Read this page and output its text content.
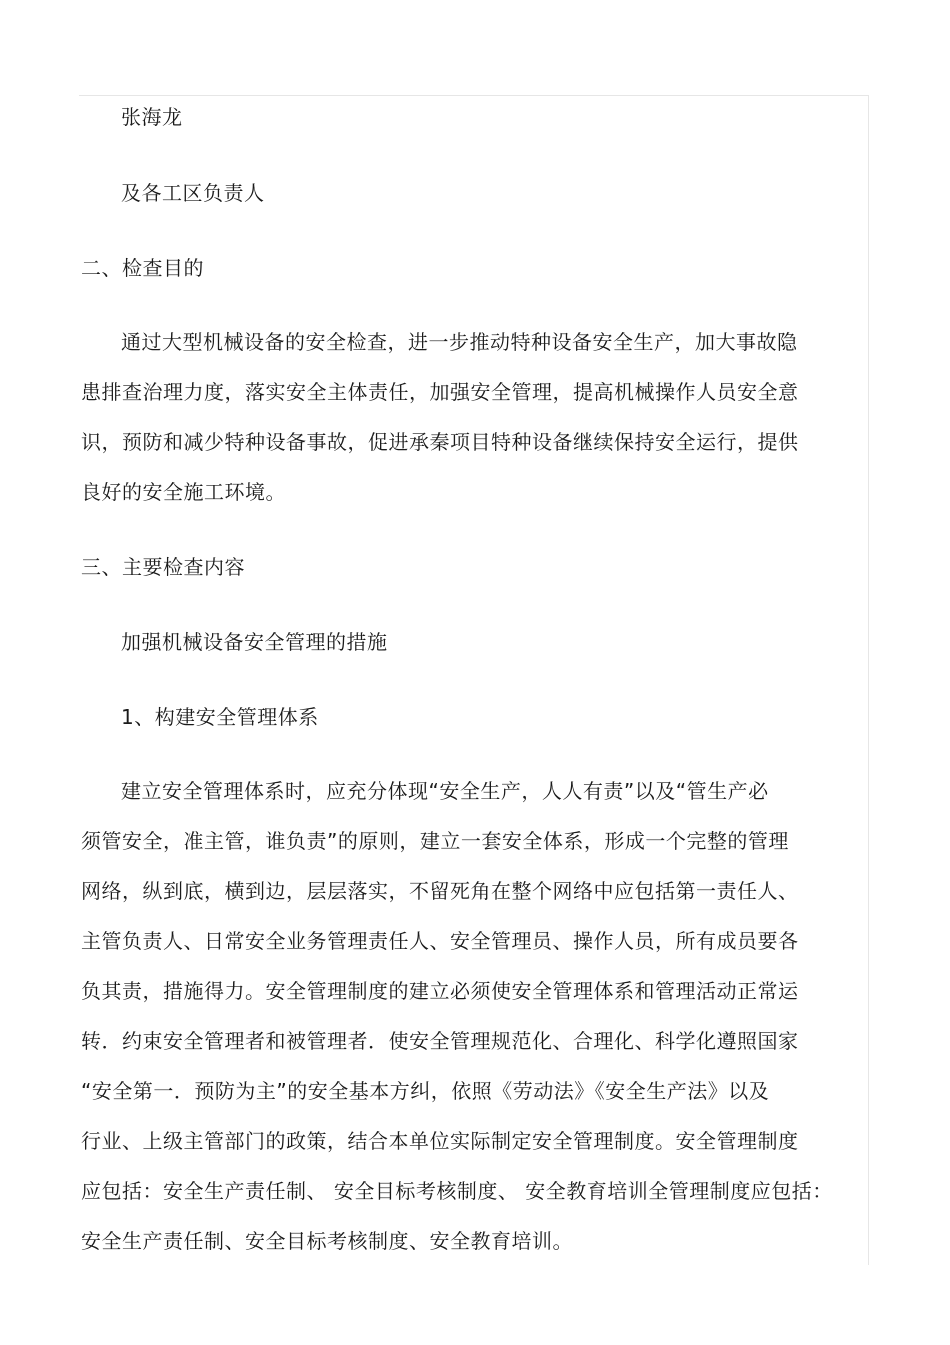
张海龙
及各工区负责人
二、检查目的
通过大型机械设备的安全检查，进一步推动特种设备安全生产，加大事故隐
患排查治理力度，落实安全主体责任，加强安全管理，提高机械操作人员安全意
识，预防和减少特种设备事故，促进承秦项目特种设备继续保持安全运行，提供
良好的安全施工环境。
三、主要检查内容
加强机械设备安全管理的措施
1、构建安全管理体系
建立安全管理体系时，应充分体现“安全生产，人人有责”以及“管生产必
须管安全，准主管，谁负责”的原则，建立一套安全体系，形成一个完整的管理
网络，纵到底，横到边，层层落实，不留死角在整个网络中应包括第一责任人、
主管负责人、日常安全业务管理责任人、安全管理员、操作人员，所有成员要各
负其责，措施得力。安全管理制度的建立必须使安全管理体系和管理活动正常运
转．约束安全管理者和被管理者．使安全管理规范化、合理化、科学化遵照国家
“安全第一．预防为主”的安全基本方纠，依照《劳动法》《安全生产法》以及
行业、上级主管部门的政策，结合本单位实际制定安全管理制度。安全管理制度
应包括：安全生产责任制、 安全目标考核制度、 安全教育培训全管理制度应包括：
安全生产责任制、安全目标考核制度、安全教育培训。
